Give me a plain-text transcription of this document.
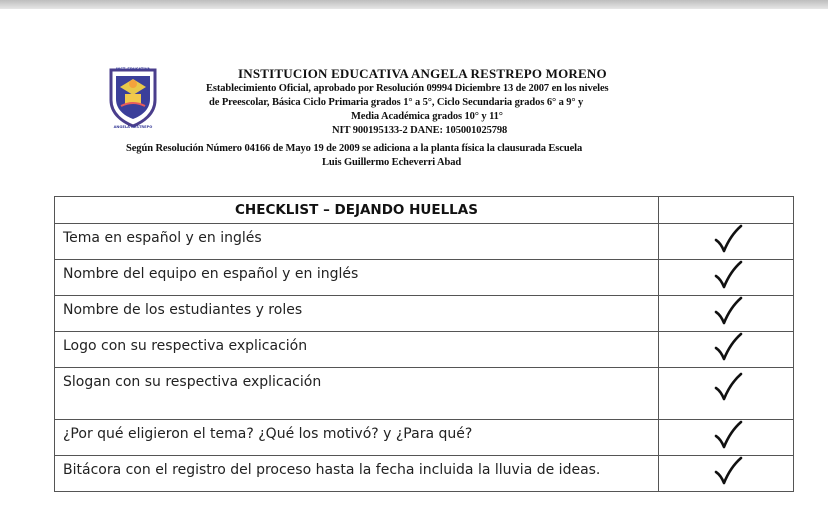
INST. EDUCATIVA
ANGELA RESTREPO
INSTITUCION EDUCATIVA ANGELA RESTREPO MORENO
Establecimiento Oficial, aprobado por Resolución 09994 Diciembre 13 de 2007 en los niveles
de Preescolar, Básica Ciclo Primaria grados 1° a 5°, Ciclo Secundaria grados 6° a 9° y
Media Académica grados 10° y 11°
NIT 900195133-2 DANE: 105001025798
Según Resolución Número 04166 de Mayo 19 de 2009 se adiciona a la planta física la clausurada Escuela
Luis Guillermo Echeverri Abad
CHECKLIST – DEJANDO HUELLAS	
Tema en español y en inglés	
Nombre del equipo en español y en inglés	
Nombre de los estudiantes y roles	
Logo con su respectiva explicación	
Slogan con su respectiva explicación	
¿Por qué eligieron el tema? ¿Qué los motivó? y ¿Para qué?	
Bitácora con el registro del proceso hasta la fecha incluida la lluvia de ideas.	
